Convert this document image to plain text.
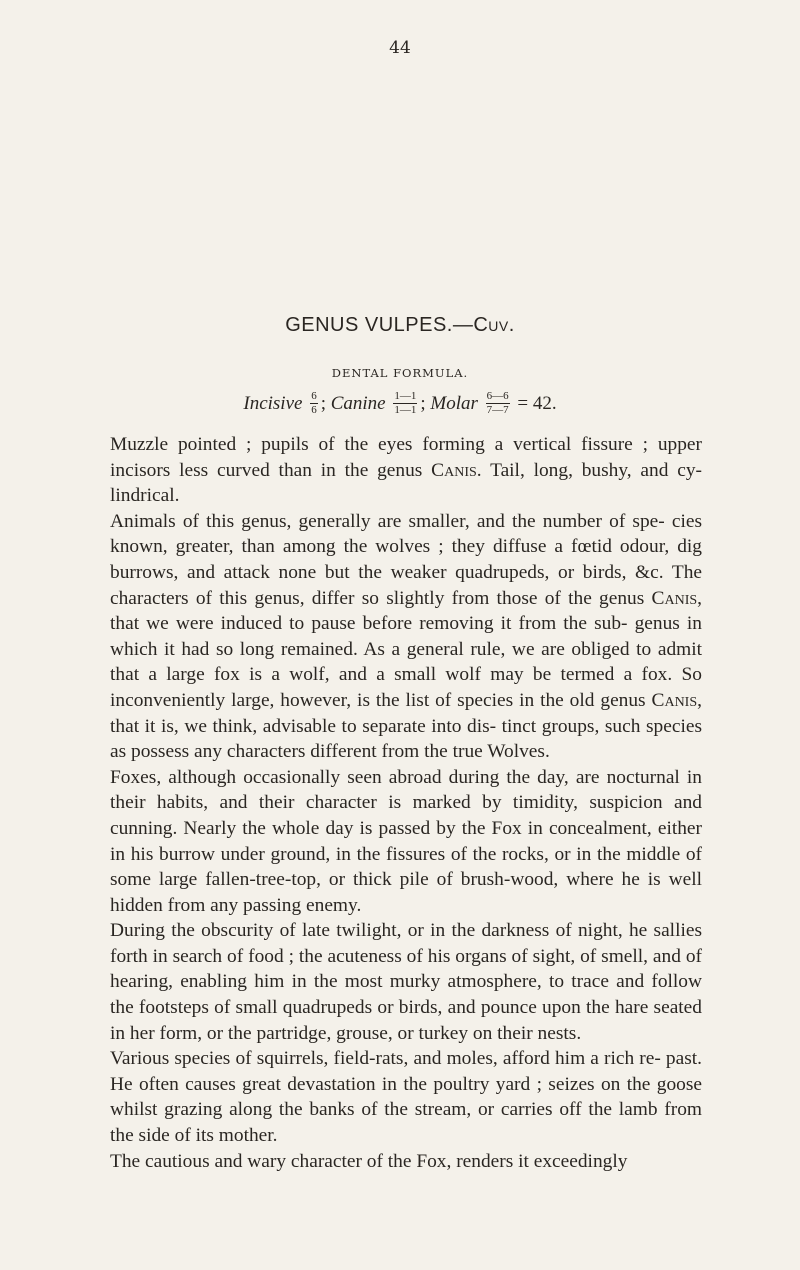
44
GENUS VULPES.—Cuv.
DENTAL FORMULA.
Incisive $\frac{6}{6}$ ; Canine $\frac{1—1}{1—1}$ ; Molar $\frac{6—6}{7—7} = 42$.

Muzzle pointed ; pupils of the eyes forming a vertical fissure ; upper incisors less curved than in the genus Canis. Tail, long, bushy, and cy- lindrical.

Animals of this genus, generally are smaller, and the number of spe- cies known, greater, than among the wolves ; they diffuse a fœtid odour, dig burrows, and attack none but the weaker quadrupeds, or birds, &c. The characters of this genus, differ so slightly from those of the genus Canis, that we were induced to pause before removing it from the sub- genus in which it had so long remained. As a general rule, we are obliged to admit that a large fox is a wolf, and a small wolf may be termed a fox. So inconveniently large, however, is the list of species in the old genus Canis, that it is, we think, advisable to separate into dis- tinct groups, such species as possess any characters different from the true Wolves.

Foxes, although occasionally seen abroad during the day, are nocturnal in their habits, and their character is marked by timidity, suspicion and cunning. Nearly the whole day is passed by the Fox in concealment, either in his burrow under ground, in the fissures of the rocks, or in the middle of some large fallen-tree-top, or thick pile of brush-wood, where he is well hidden from any passing enemy.

During the obscurity of late twilight, or in the darkness of night, he sallies forth in search of food ; the acuteness of his organs of sight, of smell, and of hearing, enabling him in the most murky atmosphere, to trace and follow the footsteps of small quadrupeds or birds, and pounce upon the hare seated in her form, or the partridge, grouse, or turkey on their nests.

Various species of squirrels, field-rats, and moles, afford him a rich re- past. He often causes great devastation in the poultry yard ; seizes on the goose whilst grazing along the banks of the stream, or carries off the lamb from the side of its mother.

The cautious and wary character of the Fox, renders it exceedingly
